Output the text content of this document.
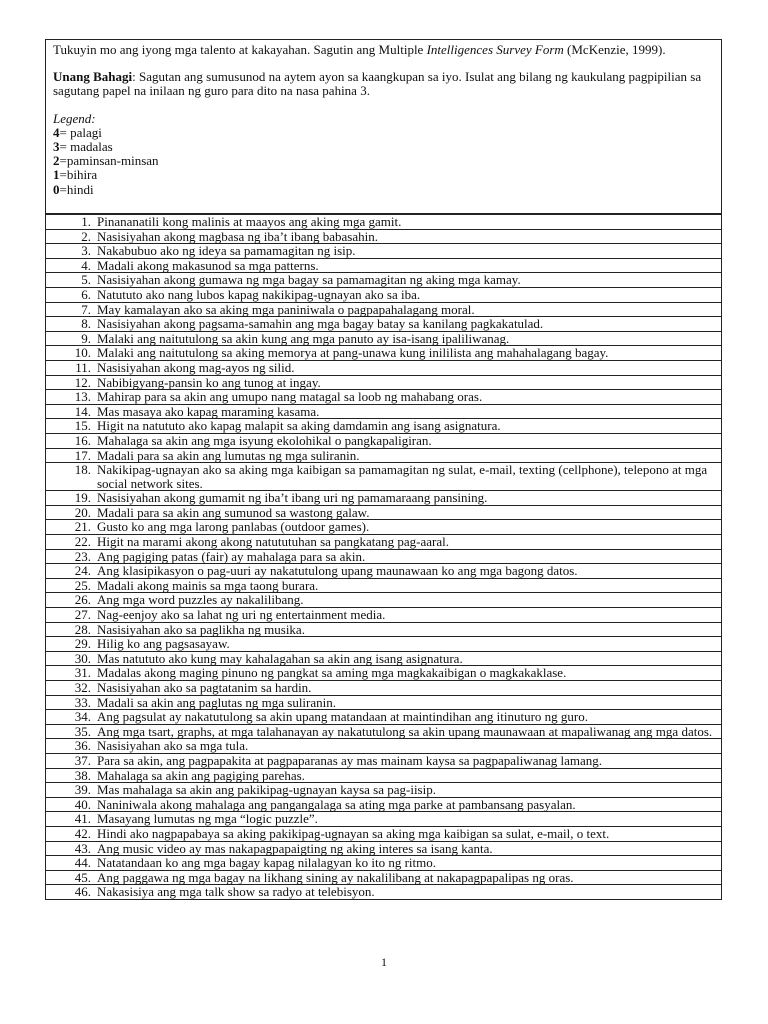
Tukuyin mo ang iyong mga talento at kakayahan. Sagutin ang Multiple Intelligences Survey Form (McKenzie, 1999).

Unang Bahagi: Sagutan ang sumusunod na aytem ayon sa kaangkupan sa iyo. Isulat ang bilang ng kaukulang pagpipilian sa sagutang papel na inilaan ng guro para dito na nasa pahina 3.

Legend:

4= palagi

3= madalas

2=paminsan-minsan

1=bihira

0=hindi

1. Pinananatili kong malinis at maayos ang aking mga gamit.
2. Nasisiyahan akong magbasa ng iba’t ibang babasahin.
3. Nakabubuo ako ng ideya sa pamamagitan ng isip.
4. Madali akong makasunod sa mga patterns.
5. Nasisiyahan akong gumawa ng mga bagay sa pamamagitan ng aking mga kamay.
6. Natututo ako nang lubos kapag nakikipag-ugnayan ako sa iba.
7. May kamalayan ako sa aking mga paniniwala o pagpapahalagang moral.
8. Nasisiyahan akong pagsama-samahin ang mga bagay batay sa kanilang pagkakatulad.
9. Malaki ang naitutulong sa akin kung ang mga panuto ay isa-isang ipaliliwanag.
10. Malaki ang naitutulong sa aking memorya at pang-unawa kung inililista ang mahahalagang bagay.
11. Nasisiyahan akong mag-ayos ng silid.
12. Nabibigyang-pansin ko ang tunog at ingay.
13. Mahirap para sa akin ang umupo nang matagal sa loob ng mahabang oras.
14. Mas masaya ako kapag maraming kasama.
15. Higit na natututo ako kapag malapit sa aking damdamin ang isang asignatura.
16. Mahalaga sa akin ang mga isyung ekolohikal o pangkapaligiran.
17. Madali para sa akin ang lumutas ng mga suliranin.
18. Nakikipag-ugnayan ako sa aking mga kaibigan sa pamamagitan ng sulat, e-mail, texting (cellphone), telepono at mga social network sites.
19. Nasisiyahan akong gumamit ng iba’t ibang uri ng pamamaraang pansining.
20. Madali para sa akin ang sumunod sa wastong galaw.
21. Gusto ko ang mga larong panlabas (outdoor games).
22. Higit na marami akong akong natututuhan sa pangkatang pag-aaral.
23. Ang pagiging patas (fair) ay mahalaga para sa akin.
24. Ang klasipikasyon o pag-uuri ay nakatutulong upang maunawaan ko ang mga bagong datos.
25. Madali akong mainis sa mga taong burara.
26. Ang mga word puzzles ay nakalilibang.
27. Nag-eenjoy ako sa lahat ng uri ng entertainment media.
28. Nasisiyahan ako sa paglikha ng musika.
29. Hilig ko ang pagsasayaw.
30. Mas natututo ako kung may kahalagahan sa akin ang isang asignatura.
31. Madalas akong maging pinuno ng pangkat sa aming mga magkakaibigan o magkakaklase.
32. Nasisiyahan ako sa pagtatanim sa hardin.
33. Madali sa akin ang paglutas ng mga suliranin.
34. Ang pagsulat ay nakatutulong sa akin upang matandaan at maintindihan ang itinuturo ng guro.
35. Ang mga tsart, graphs, at mga talahanayan ay nakatutulong sa akin upang maunawaan at mapaliwanag ang mga datos.
36. Nasisiyahan ako sa mga tula.
37. Para sa akin, ang pagpapakita at pagpaparanas ay mas mainam kaysa sa pagpapaliwanag lamang.
38. Mahalaga sa akin ang pagiging parehas.
39. Mas mahalaga sa akin ang pakikipag-ugnayan kaysa sa pag-iisip.
40. Naniniwala akong mahalaga ang pangangalaga sa ating mga parke at pambansang pasyalan.
41. Masayang lumutas ng mga “logic puzzle”.
42. Hindi ako nagpapabaya sa aking pakikipag-ugnayan sa aking mga kaibigan sa sulat, e-mail, o text.
43. Ang music video ay mas nakapagpapaigting ng aking interes sa isang kanta.
44. Natatandaan ko ang mga bagay kapag nilalagyan ko ito ng ritmo.
45. Ang paggawa ng mga bagay na likhang sining ay nakalilibang at nakapagpapalipas ng oras.
46. Nakasisiya ang mga talk show sa radyo at telebisyon.
1
